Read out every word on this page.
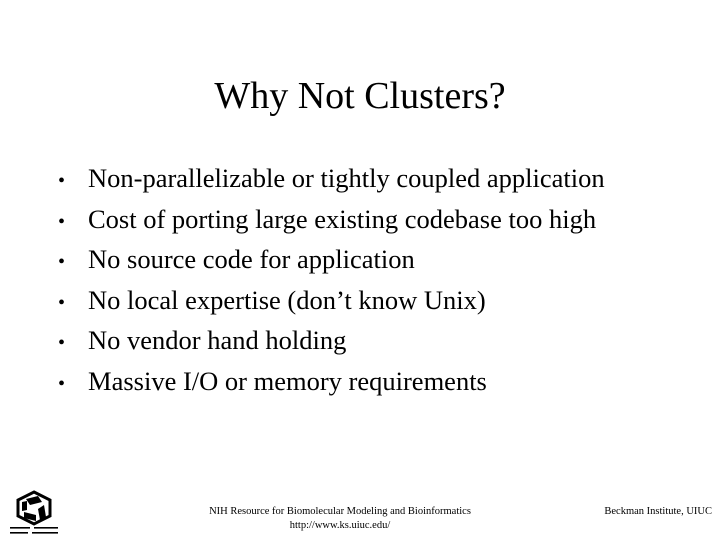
Why Not Clusters?
• Non-parallelizable or tightly coupled application
• Cost of porting large existing codebase too high
• No source code for application
• No local expertise (don’t know Unix)
• No vendor hand holding
• Massive I/O or memory requirements
NIH Resource for Biomolecular Modeling and Bioinformatics
http://www.ks.uiuc.edu/
Beckman Institute, UIUC
